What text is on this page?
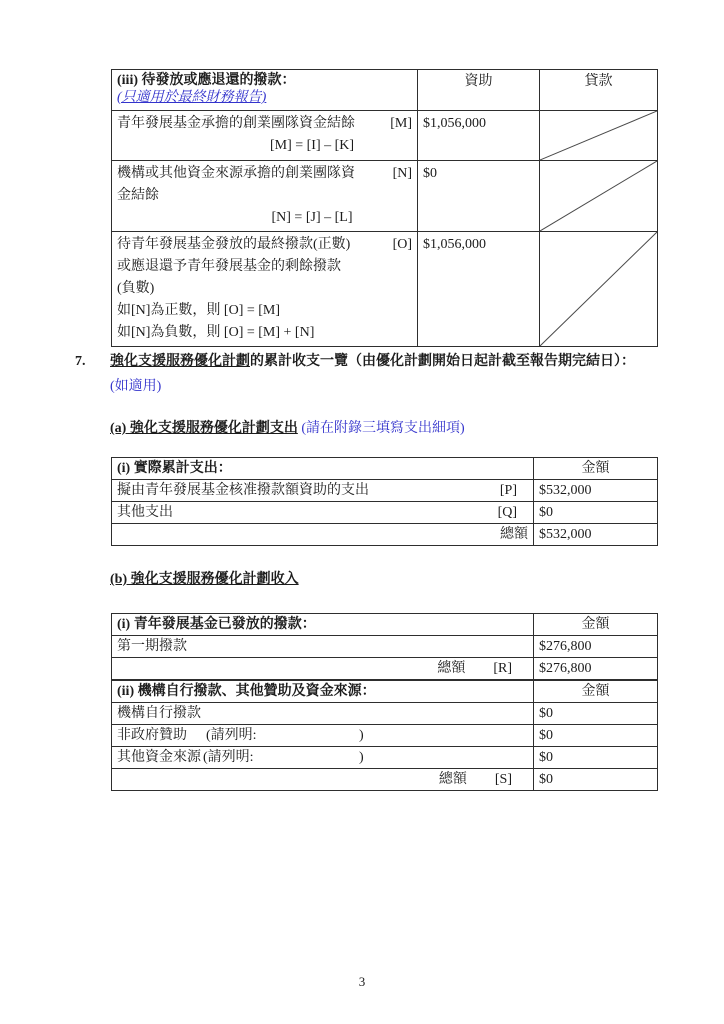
(iii) 待發放或應退還的撥款：
(只適用於最終財務報告)	資助	貸款

青年發展基金承擔的創業團隊資金結餘 [M]
[M] = [I] – [K]	$1,056,000	

機構或其他資金來源承擔的創業團隊資 [N]
金結餘
[N] = [J] – [L]	$0	

待青年發展基金發放的最終撥款(正數)	[O]
或應退還予青年發展基金的剩餘撥款
(負數)
如[N]為正數，則 [O] = [M]
如[N]為負數，則 [O] = [M] + [N]
	$1,056,000	
7.	強化支援服務優化計劃的累計收支一覽（由優化計劃開始日起計截至報告期完結日）：
(如適用)
(a) 強化支援服務優化計劃支出 (請在附錄三填寫支出細項)
(i) 實際累計支出：	金額

擬由青年發展基金核准撥款額資助的支出 [P]	$532,000

其他支出 [Q]	$0
總額	$532,000
(b) 強化支援服務優化計劃收入
(i) 青年發展基金已發放的撥款：	金額
第一期撥款	$276,800

總額 [R]	$276,800
(ii) 機構自行撥款、其他贊助及資金來源：	金額
機構自行撥款	$0
非政府贊助 (請列明: )	$0
其他資金來源 (請列明: )	$0

總額 [S]	$0
3
